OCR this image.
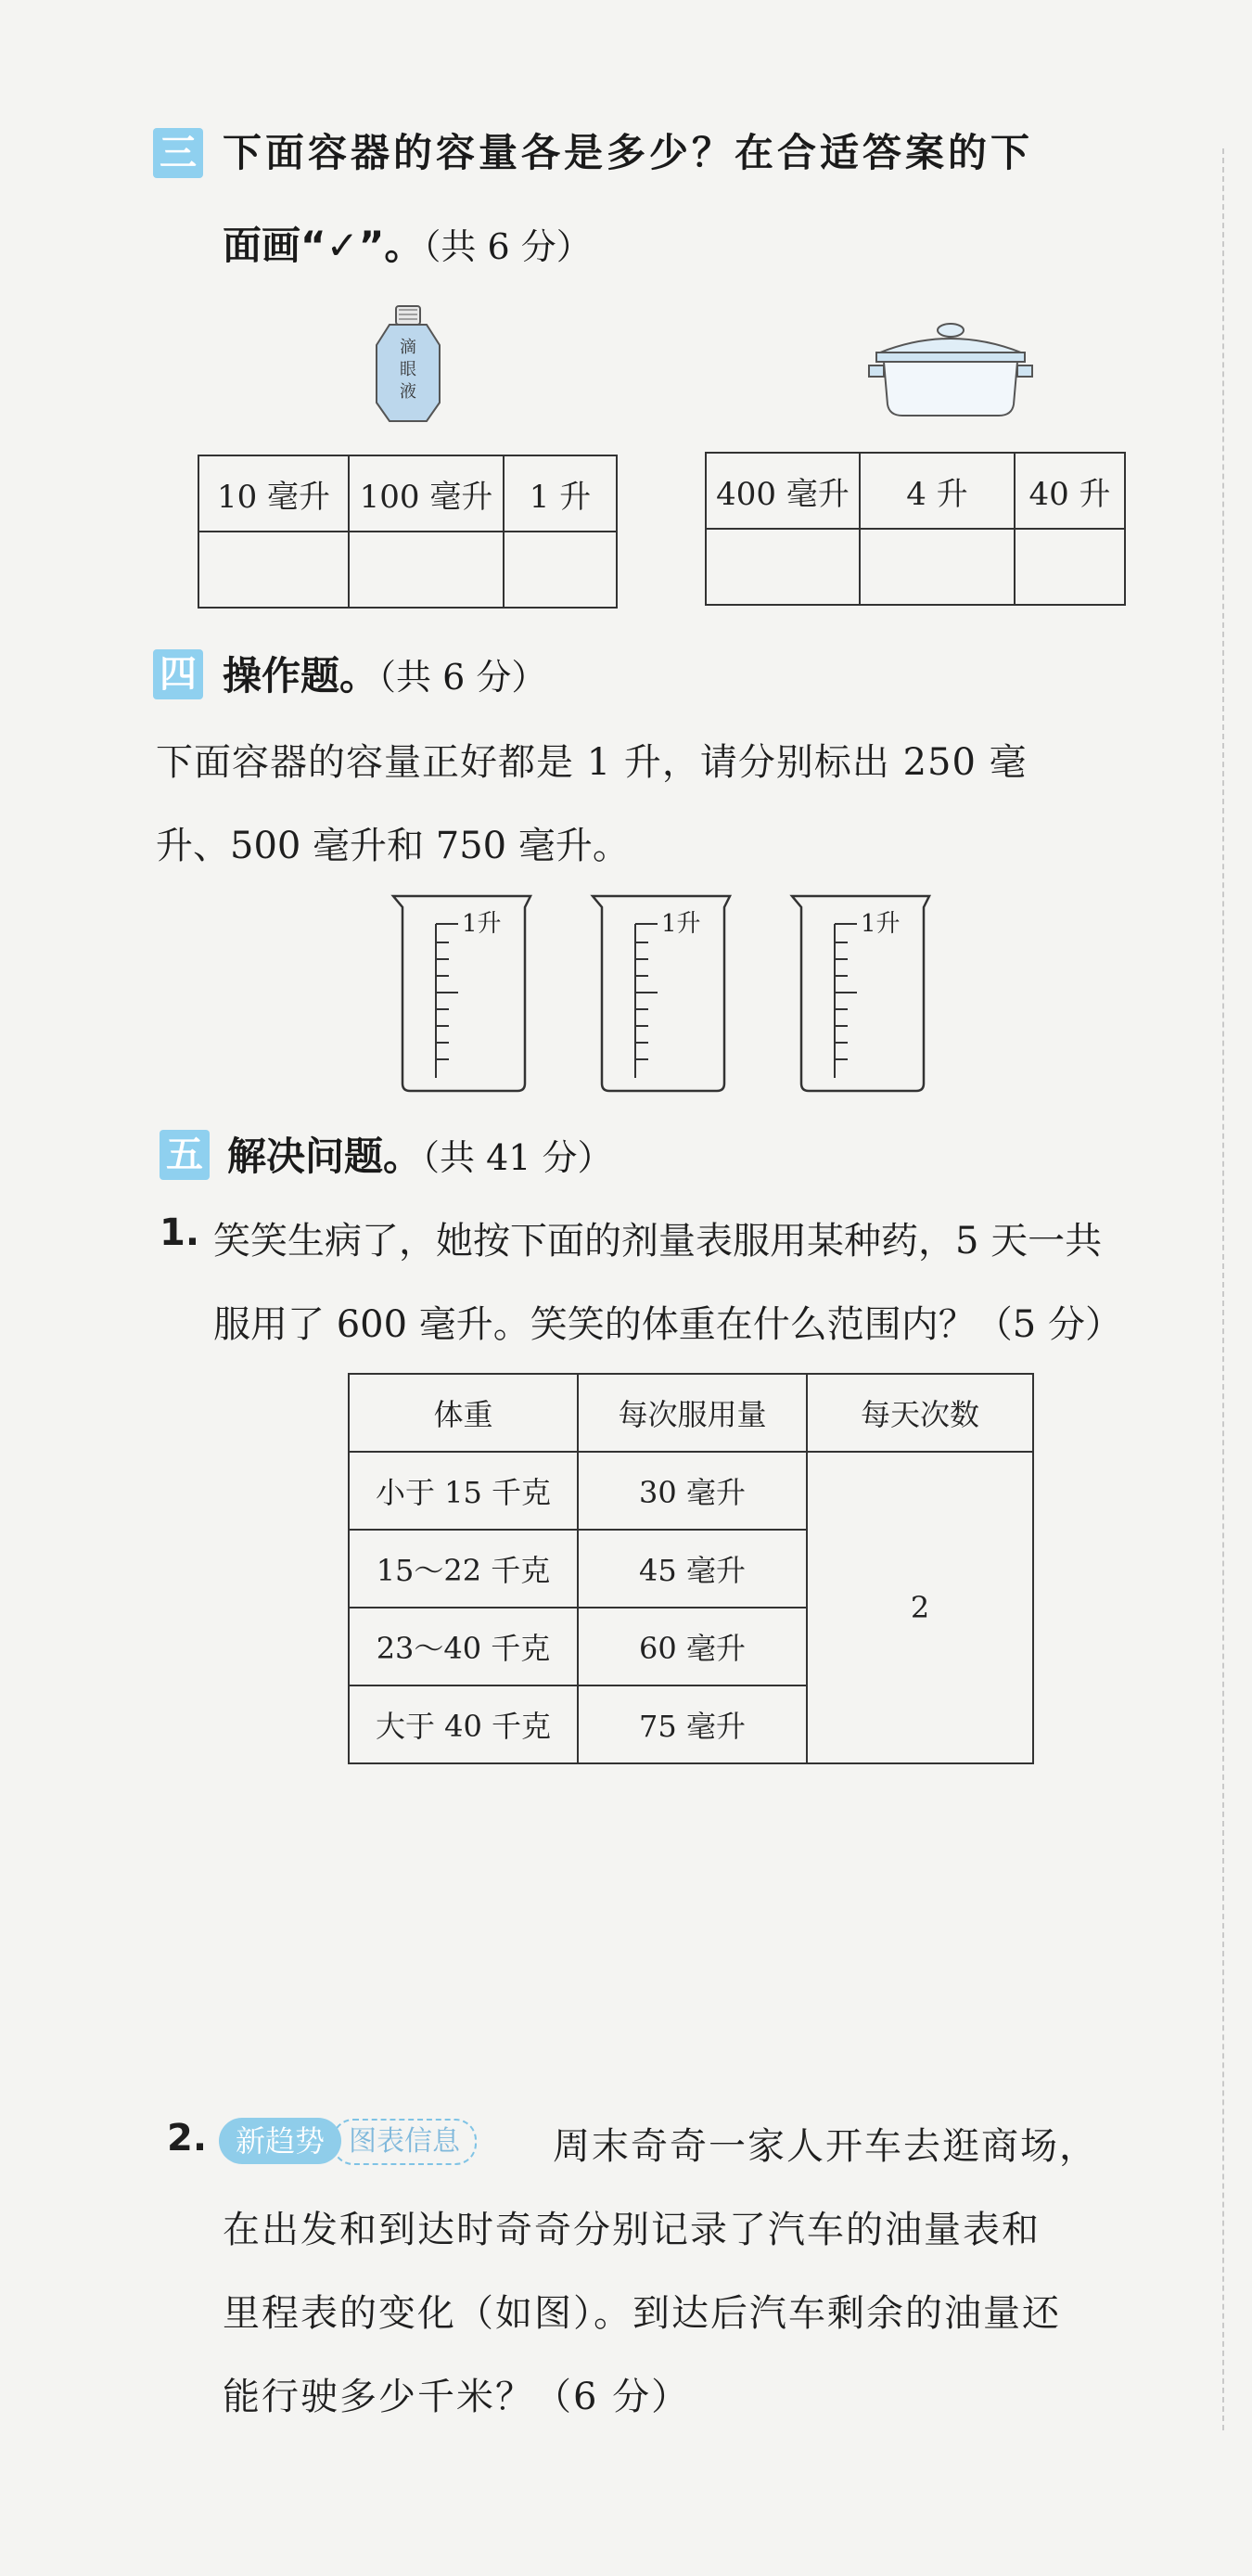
三 下面容器的容量各是多少？在合适答案的下
面画“✓”。（共 6 分）
滴
眼
液
10 毫升	100 毫升	1 升
			400 毫升	4 升	40 升

四 操作题。（共 6 分）
下面容器的容量正好都是 1 升，请分别标出 250 毫
升、500 毫升和 750 毫升。
1升	1升	1升
五 解决问题。（共 41 分）
1. 笑笑生病了，她按下面的剂量表服用某种药，5 天一共
服用了 600 毫升。笑笑的体重在什么范围内？（5 分）
体重	每次服用量	每天次数
小于 15 千克	30 毫升	2
15～22 千克	45 毫升	
23～40 千克	60 毫升	
大于 40 千克	75 毫升	
2.	图表信息
新趋势	周末奇奇一家人开车去逛商场，
在出发和到达时奇奇分别记录了汽车的油量表和
里程表的变化（如图）。到达后汽车剩余的油量还
能行驶多少千米？（6 分）
